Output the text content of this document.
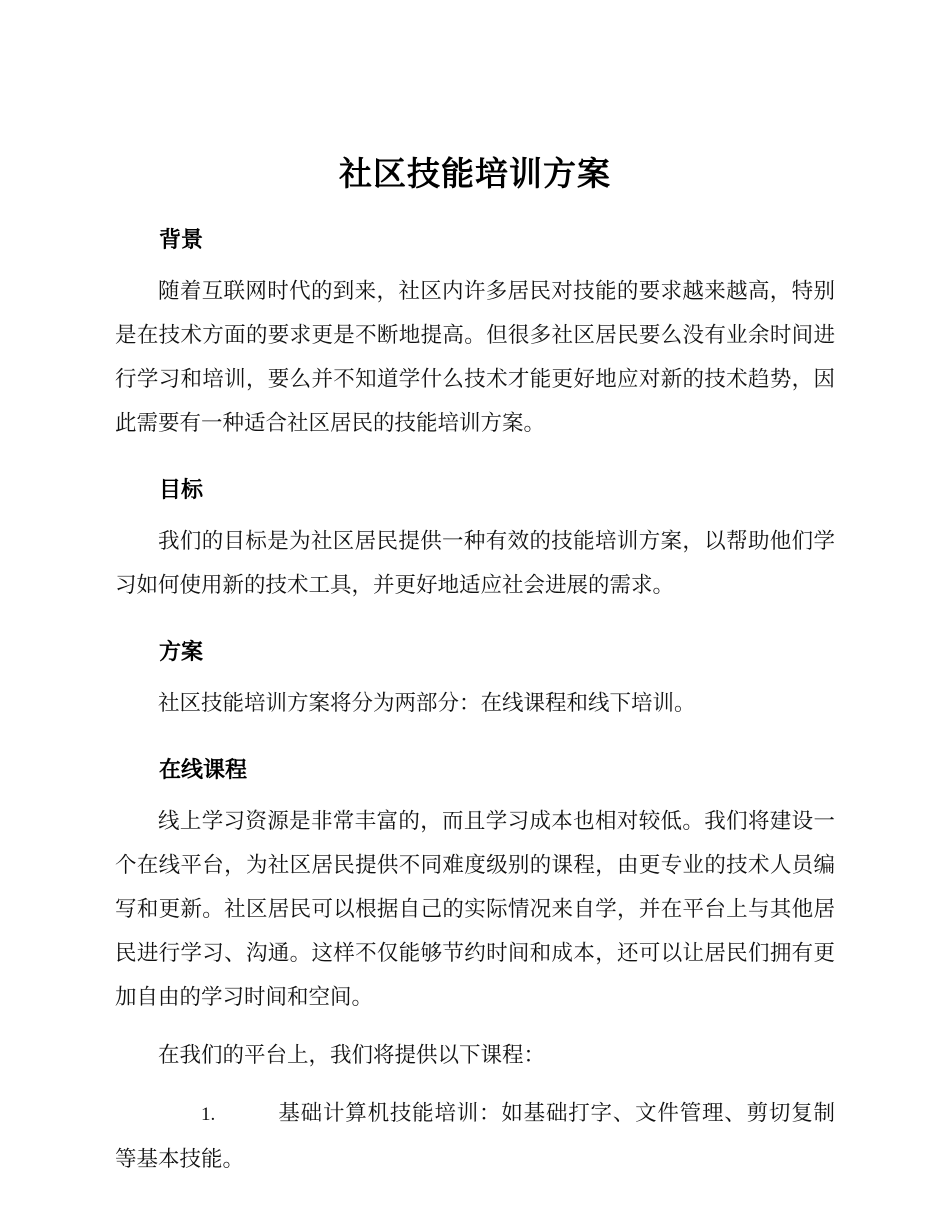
社区技能培训方案
背景

随着互联网时代的到来，社区内许多居民对技能的要求越来越高，特别是在技术方面的要求更是不断地提高。但很多社区居民要么没有业余时间进行学习和培训，要么并不知道学什么技术才能更好地应对新的技术趋势，因此需要有一种适合社区居民的技能培训方案。

目标

我们的目标是为社区居民提供一种有效的技能培训方案，以帮助他们学习如何使用新的技术工具，并更好地适应社会进展的需求。

方案

社区技能培训方案将分为两部分：在线课程和线下培训。

在线课程

线上学习资源是非常丰富的，而且学习成本也相对较低。我们将建设一个在线平台，为社区居民提供不同难度级别的课程，由更专业的技术人员编写和更新。社区居民可以根据自己的实际情况来自学，并在平台上与其他居民进行学习、沟通。这样不仅能够节约时间和成本，还可以让居民们拥有更加自由的学习时间和空间。

在我们的平台上，我们将提供以下课程：

1.	基础计算机技能培训：如基础打字、文件管理、剪切复制等基本技能。
